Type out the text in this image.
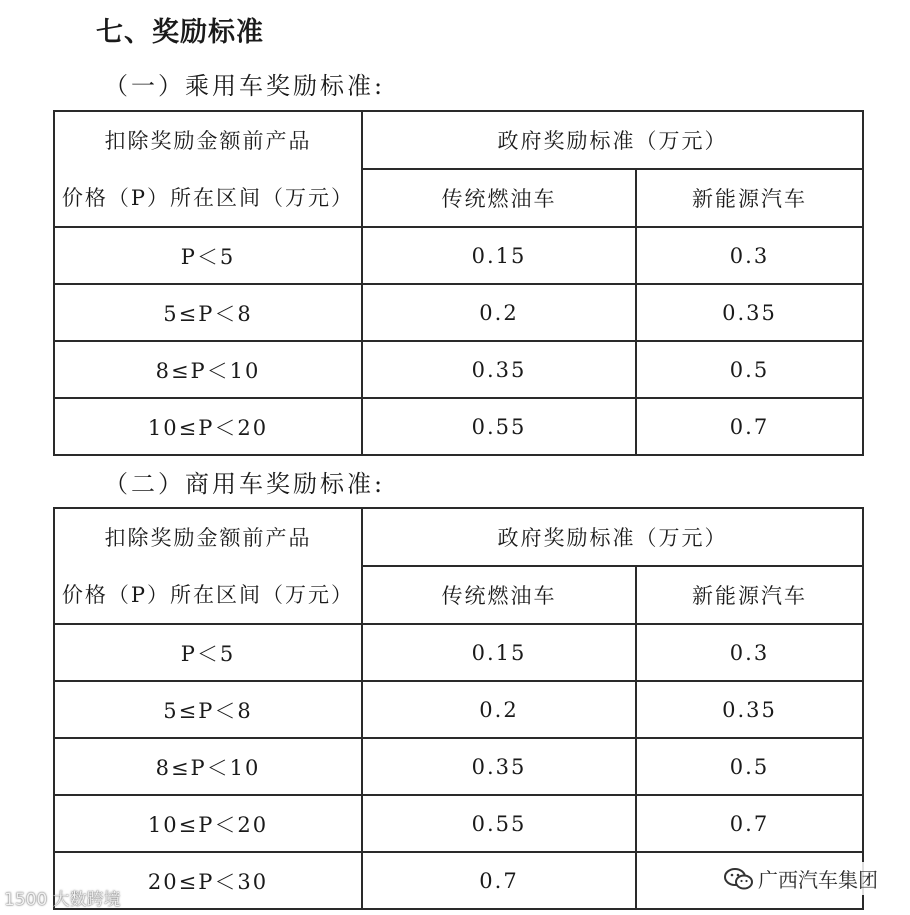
七、奖励标准
（一）乘用车奖励标准:
扣除奖励金额前产品
价格（P）所在区间（万元）	政府奖励标准（万元）	
	传统燃油车	新能源汽车
P＜5	0.15	0.3
5≤P＜8	0.2	0.35
8≤P＜10	0.35	0.5
10≤P＜20	0.55	0.7
（二）商用车奖励标准:
扣除奖励金额前产品
价格（P）所在区间（万元）	政府奖励标准（万元）	
	传统燃油车	新能源汽车
P＜5	0.15	0.3
5≤P＜8	0.2	0.35
8≤P＜10	0.35	0.5
10≤P＜20	0.55	0.7
20≤P＜30	0.7	
1500 大数跨境
广西汽车集团
